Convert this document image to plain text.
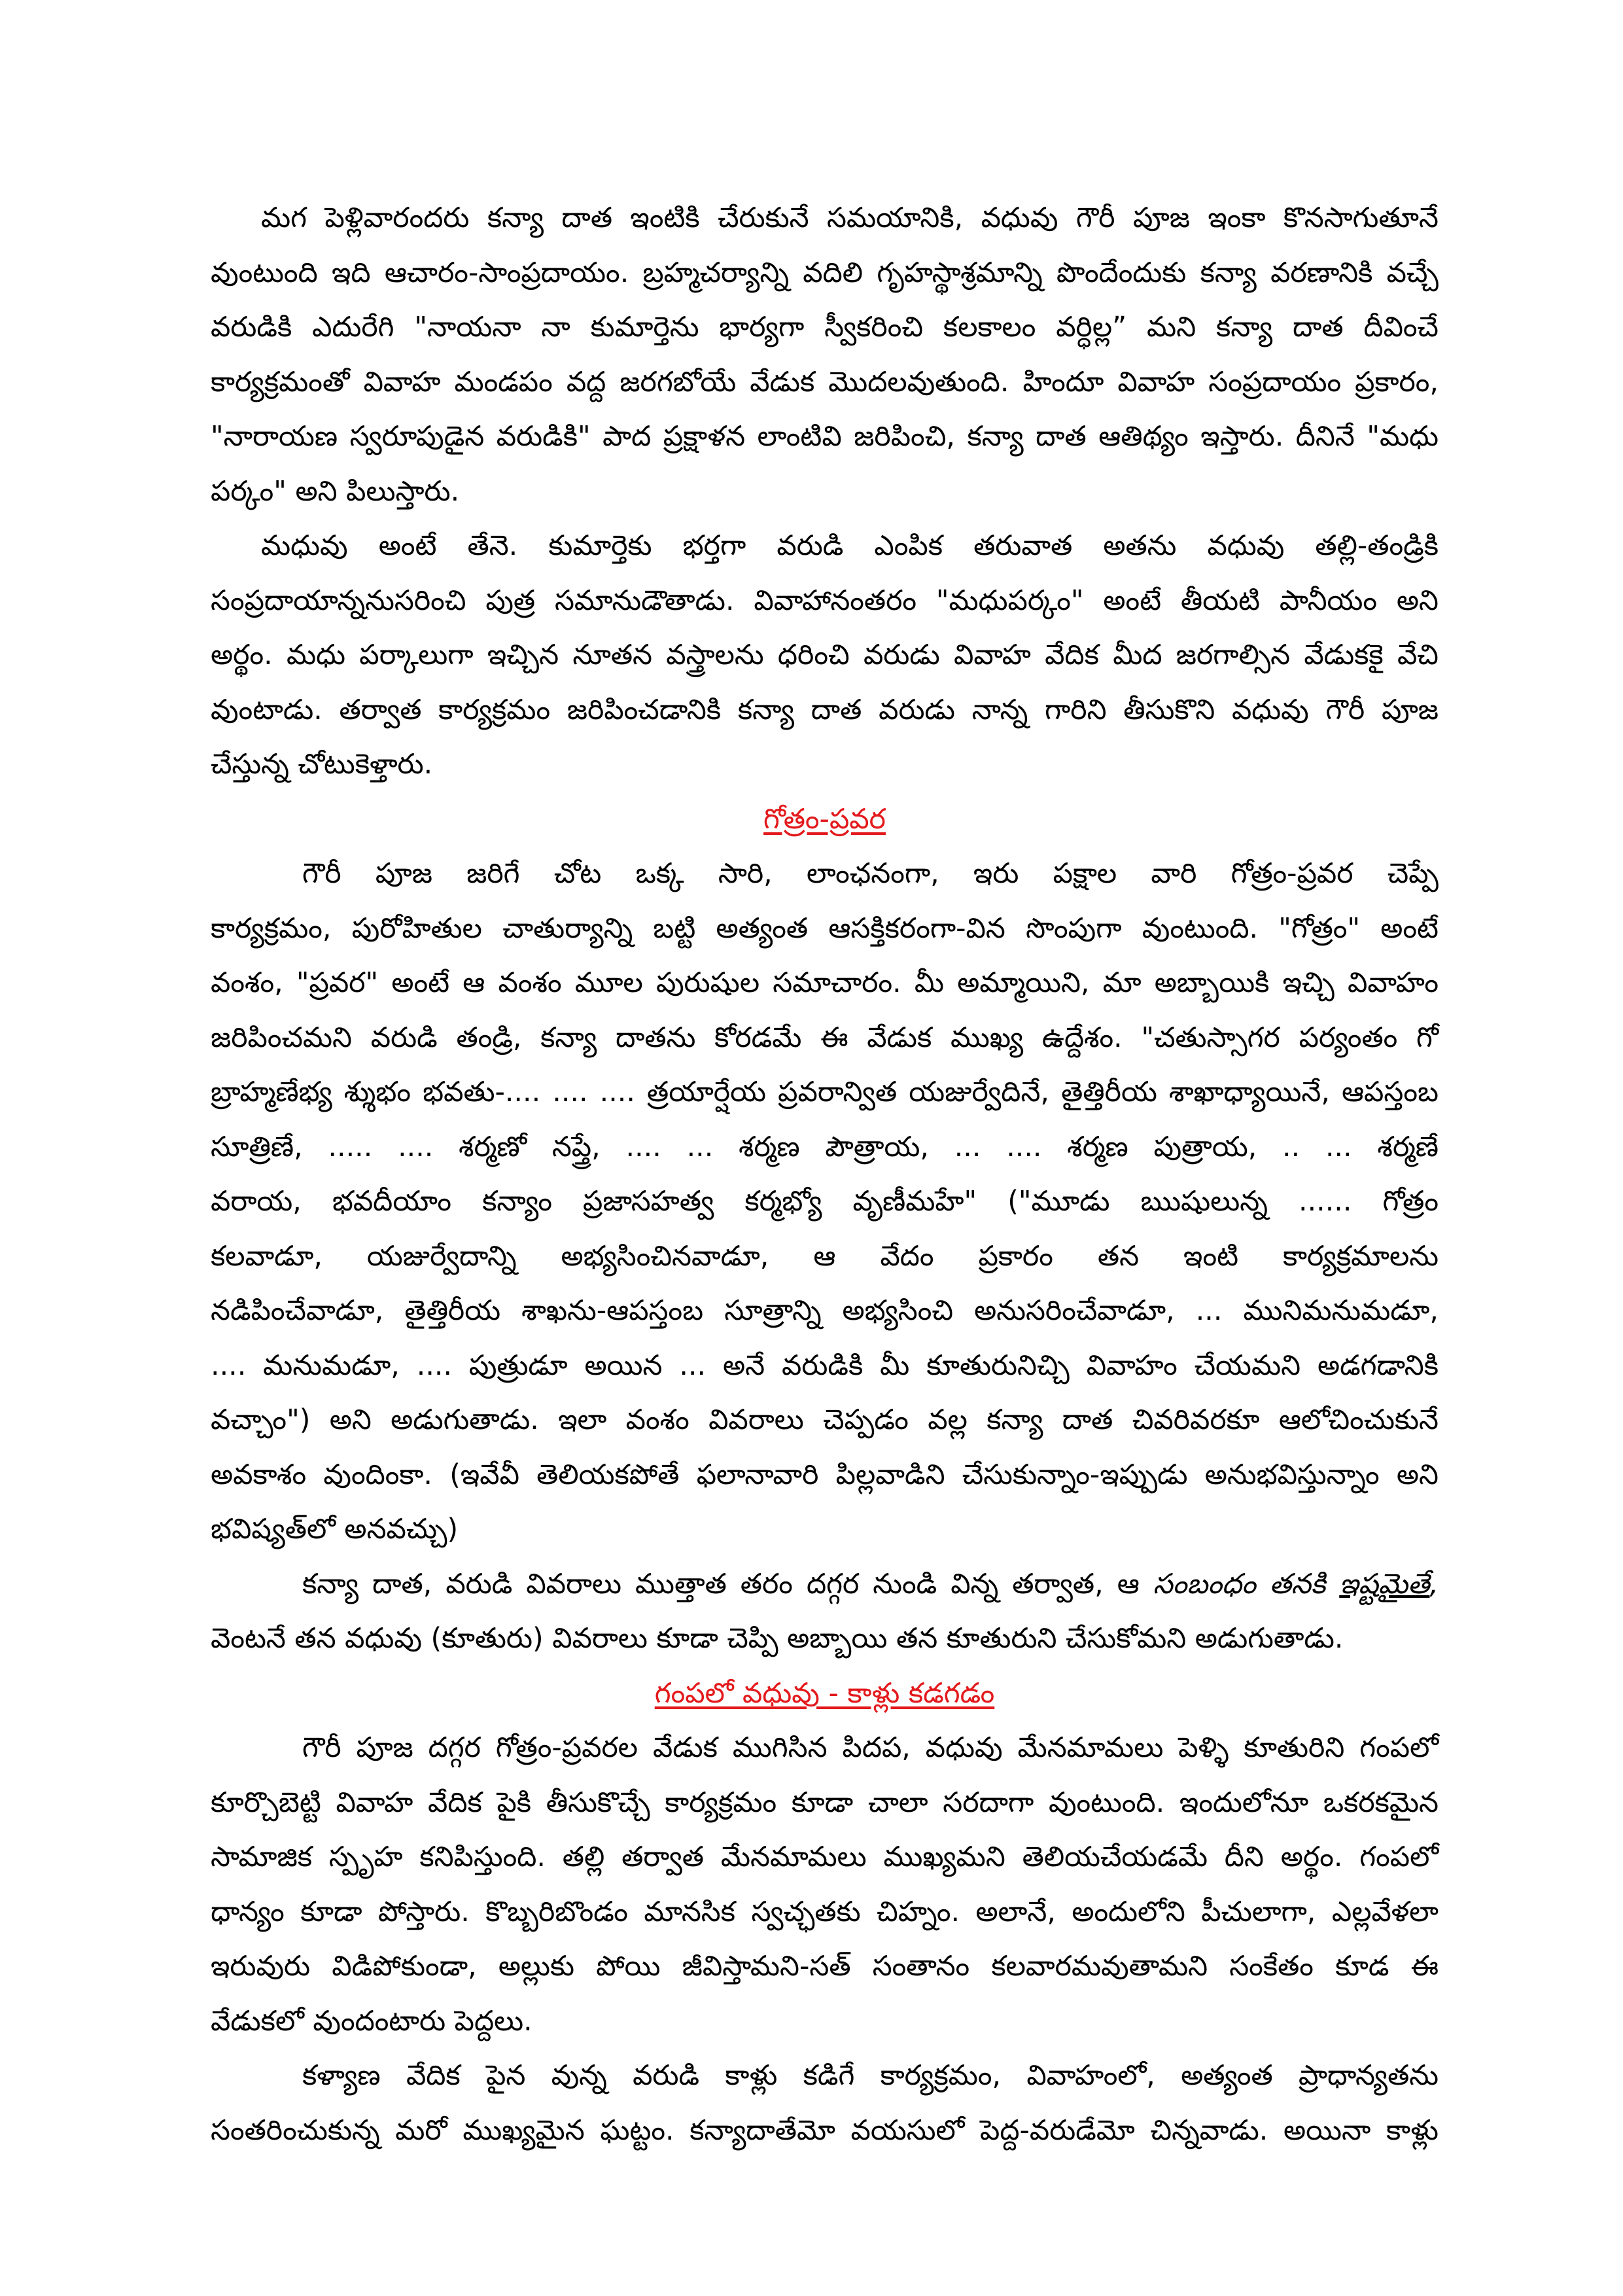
మగ పెళ్లివారందరు కన్యా దాత ఇంటికి చేరుకునే సమయానికి, వధువు గౌరీ పూజ ఇంకా కొనసాగుతూనే
వుంటుంది ఇది ఆచారం-సాంప్రదాయం. బ్రహ్మచర్యాన్ని వదిలి గృహస్థాశ్రమాన్ని పొందేందుకు కన్యా వరణానికి వచ్చే
వరుడికి ఎదురేగి "నాయనా నా కుమార్తెను భార్యగా స్వీకరించి కలకాలం వర్ధిల్ల” మని కన్యా దాత దీవించే
కార్యక్రమంతో వివాహ మండపం వద్ద జరగబోయే వేడుక మొదలవుతుంది. హిందూ వివాహ సంప్రదాయం ప్రకారం,
"నారాయణ స్వరూపుడైన వరుడికి" పాద ప్రక్షాళన లాంటివి జరిపించి, కన్యా దాత ఆతిథ్యం ఇస్తారు. దీనినే "మధు
పర్కం" అని పిలుస్తారు.
మధువు అంటే తేనె. కుమార్తెకు భర్తగా వరుడి ఎంపిక తరువాత అతను వధువు తల్లి-తండ్రికి
సంప్రదాయాన్ననుసరించి పుత్ర సమానుడౌతాడు. వివాహానంతరం "మధుపర్కం" అంటే తీయటి పానీయం అని
అర్థం. మధు పర్కాలుగా ఇచ్చిన నూతన వస్త్రాలను ధరించి వరుడు వివాహ వేదిక మీద జరగాల్సిన వేడుకకై వేచి
వుంటాడు. తర్వాత కార్యక్రమం జరిపించడానికి కన్యా దాత వరుడు నాన్న గారిని తీసుకొని వధువు గౌరీ పూజ
చేస్తున్న చోటుకెళ్తారు.
గోత్రం-ప్రవర
గౌరీ పూజ జరిగే చోట ఒక్క సారి, లాంఛనంగా, ఇరు పక్షాల వారి గోత్రం-ప్రవర చెప్పే
కార్యక్రమం, పురోహితుల చాతుర్యాన్ని బట్టి అత్యంత ఆసక్తికరంగా-విన సొంపుగా వుంటుంది. "గోత్రం" అంటే
వంశం, "ప్రవర" అంటే ఆ వంశం మూల పురుషుల సమాచారం. మీ అమ్మాయిని, మా అబ్బాయికి ఇచ్చి వివాహం
జరిపించమని వరుడి తండ్రి, కన్యా దాతను కోరడమే ఈ వేడుక ముఖ్య ఉద్దేశం. "చతుస్సాగర పర్యంతం గో
బ్రాహ్మణేభ్య శ్శుభం భవతు-.... .... .... త్రయార్షేయ ప్రవరాన్విత యజుర్వేదినే, తైత్తిరీయ శాఖాధ్యాయినే, ఆపస్తంబ
సూత్రిణే, ..... .... శర్మణో నప్త్రే, .... ... శర్మణ పౌత్రాయ, ... .... శర్మణ పుత్రాయ, .. ... శర్మణే
వరాయ, భవదీయాం కన్యాం ప్రజాసహత్వ కర్మభ్యో వృణీమహే" ("మూడు ఋషులున్న ...... గోత్రం
కలవాడూ, యజుర్వేదాన్ని అభ్యసించినవాడూ, ఆ వేదం ప్రకారం తన ఇంటి కార్యక్రమాలను
నడిపించేవాడూ, తైత్తిరీయ శాఖను-ఆపస్తంబ సూత్రాన్ని అభ్యసించి అనుసరించేవాడూ, ... మునిమనుమడూ,
.... మనుమడూ, .... పుత్రుడూ అయిన ... అనే వరుడికి మీ కూతురునిచ్చి వివాహం చేయమని అడగడానికి
వచ్చాం") అని అడుగుతాడు. ఇలా వంశం వివరాలు చెప్పడం వల్ల కన్యా దాత చివరివరకూ ఆలోచించుకునే
అవకాశం వుందింకా. (ఇవేవీ తెలియకపోతే ఫలానావారి పిల్లవాడిని చేసుకున్నాం-ఇప్పుడు అనుభవిస్తున్నాం అని
భవిష్యత్‌లో అనవచ్చు)
కన్యా దాత, వరుడి వివరాలు ముత్తాత తరం దగ్గర నుండి విన్న తర్వాత, ఆ సంబంధం తనకి ఇష్టమైతే,
వెంటనే తన వధువు (కూతురు) వివరాలు కూడా చెప్పి అబ్బాయి తన కూతురుని చేసుకోమని అడుగుతాడు.
గంపలో వధువు - కాళ్లు కడగడం
గౌరీ పూజ దగ్గర గోత్రం-ప్రవరల వేడుక ముగిసిన పిదప, వధువు మేనమామలు పెళ్ళి కూతురిని గంపలో
కూర్చొబెట్టి వివాహ వేదిక పైకి తీసుకొచ్చే కార్యక్రమం కూడా చాలా సరదాగా వుంటుంది. ఇందులోనూ ఒకరకమైన
సామాజిక స్పృహ కనిపిస్తుంది. తల్లి తర్వాత మేనమామలు ముఖ్యమని తెలియచేయడమే దీని అర్థం. గంపలో
ధాన్యం కూడా పోస్తారు. కొబ్బరిబొండం మానసిక స్వచ్ఛతకు చిహ్నం. అలానే, అందులోని పీచులాగా, ఎల్లవేళలా
ఇరువురు విడిపోకుండా, అల్లుకు పోయి జీవిస్తామని-సత్ సంతానం కలవారమవుతామని సంకేతం కూడ ఈ
వేడుకలో వుందంటారు పెద్దలు.
కళ్యాణ వేదిక పైన వున్న వరుడి కాళ్లు కడిగే కార్యక్రమం, వివాహంలో, అత్యంత ప్రాధాన్యతను
సంతరించుకున్న మరో ముఖ్యమైన ఘట్టం. కన్యాదాతేమో వయసులో పెద్ద-వరుడేమో చిన్నవాడు. అయినా కాళ్లు
